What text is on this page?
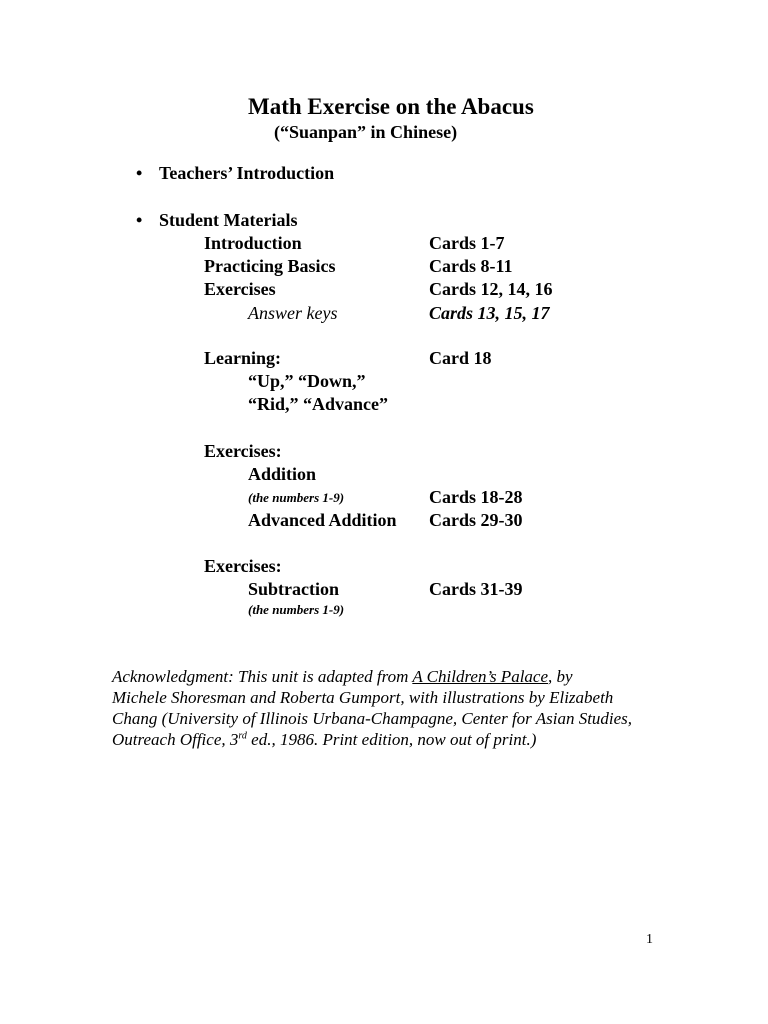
Math Exercise on the Abacus
(“Suanpan” in Chinese)
• Teachers’ Introduction
• Student Materials
Introduction	Cards 1-7
Practicing Basics	Cards 8-11
Exercises	Cards 12, 14, 16
Answer keys	Cards 13, 15, 17
Learning:	Card 18
“Up,” “Down,”
“Rid,” “Advance”
Exercises:
Addition
(the numbers 1-9)	Cards 18-28
Advanced Addition Cards 29-30
Exercises:
Subtraction	Cards 31-39
(the numbers 1-9)
Acknowledgment: This unit is adapted from A Children’s Palace, by
Michele Shoresman and Roberta Gumport, with illustrations by Elizabeth
Chang (University of Illinois Urbana-Champagne, Center for Asian Studies,
Outreach Office, 3rd ed., 1986. Print edition, now out of print.)
1
